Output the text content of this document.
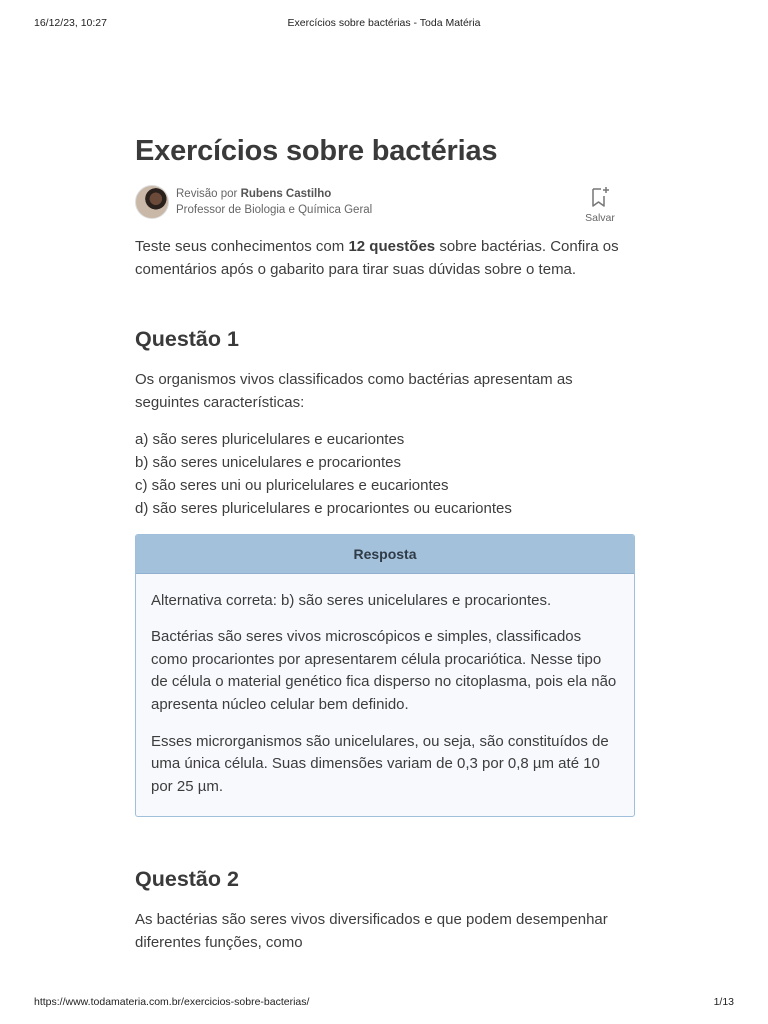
16/12/23, 10:27	Exercícios sobre bactérias - Toda Matéria
Exercícios sobre bactérias
Revisão por Rubens Castilho
Professor de Biologia e Química Geral
Salvar

Teste seus conhecimentos com 12 questões sobre bactérias. Confira os comentários após o gabarito para tirar suas dúvidas sobre o tema.

Questão 1

Os organismos vivos classificados como bactérias apresentam as seguintes características:

a) são seres pluricelulares e eucariontes
b) são seres unicelulares e procariontes
c) são seres uni ou pluricelulares e eucariontes
d) são seres pluricelulares e procariontes ou eucariontes
Resposta

Alternativa correta: b) são seres unicelulares e procariontes.

Bactérias são seres vivos microscópicos e simples, classificados como procariontes por apresentarem célula procariótica. Nesse tipo de célula o material genético fica disperso no citoplasma, pois ela não apresenta núcleo celular bem definido.

Esses microrganismos são unicelulares, ou seja, são constituídos de uma única célula. Suas dimensões variam de 0,3 por 0,8 µm até 10 por 25 µm.

Questão 2

As bactérias são seres vivos diversificados e que podem desempenhar diferentes funções, como

https://www.todamateria.com.br/exercicios-sobre-bacterias/	1/13
